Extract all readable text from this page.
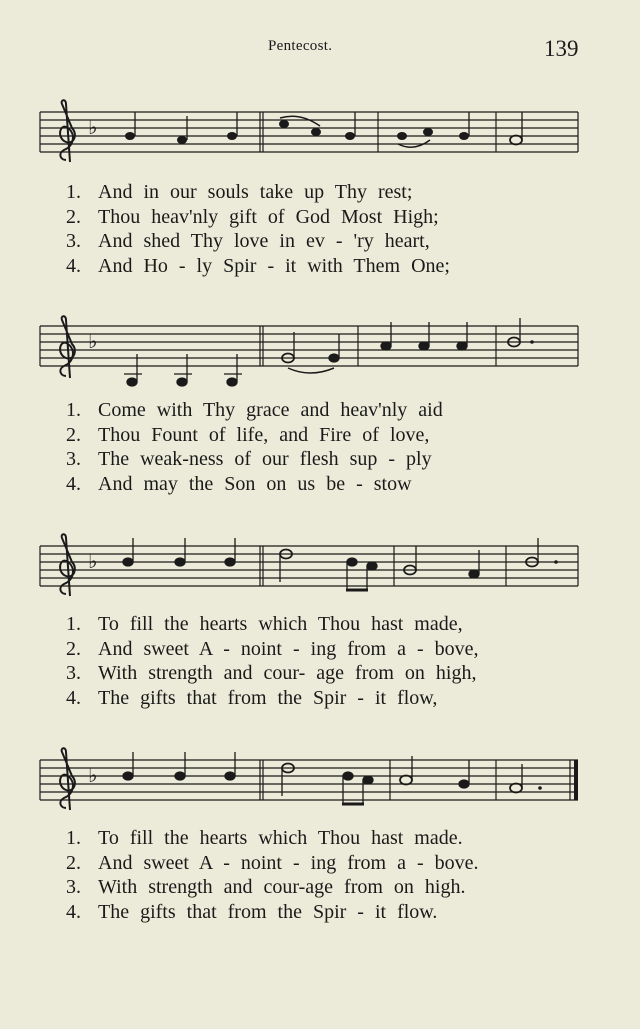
Pentecost.	139
♭
1. And in our souls take up Thy rest;
2. Thou heav'nly gift of God Most High;
3. And shed Thy love in ev - 'ry heart,
4. And Ho - ly Spir - it with Them One;
♭
1. Come with Thy grace and heav'nly aid
2. Thou Fount of life, and Fire of love,
3. The weak-ness of our flesh sup - ply
4. And may the Son on us be - stow
♭
1. To fill the hearts which Thou hast made,
2. And sweet A - noint - ing from a - bove,
3. With strength and cour- age from on high,
4. The gifts that from the Spir - it flow,
♭
1. To fill the hearts which Thou hast made.
2. And sweet A - noint - ing from a - bove.
3. With strength and cour-age from on high.
4. The gifts that from the Spir - it flow.
